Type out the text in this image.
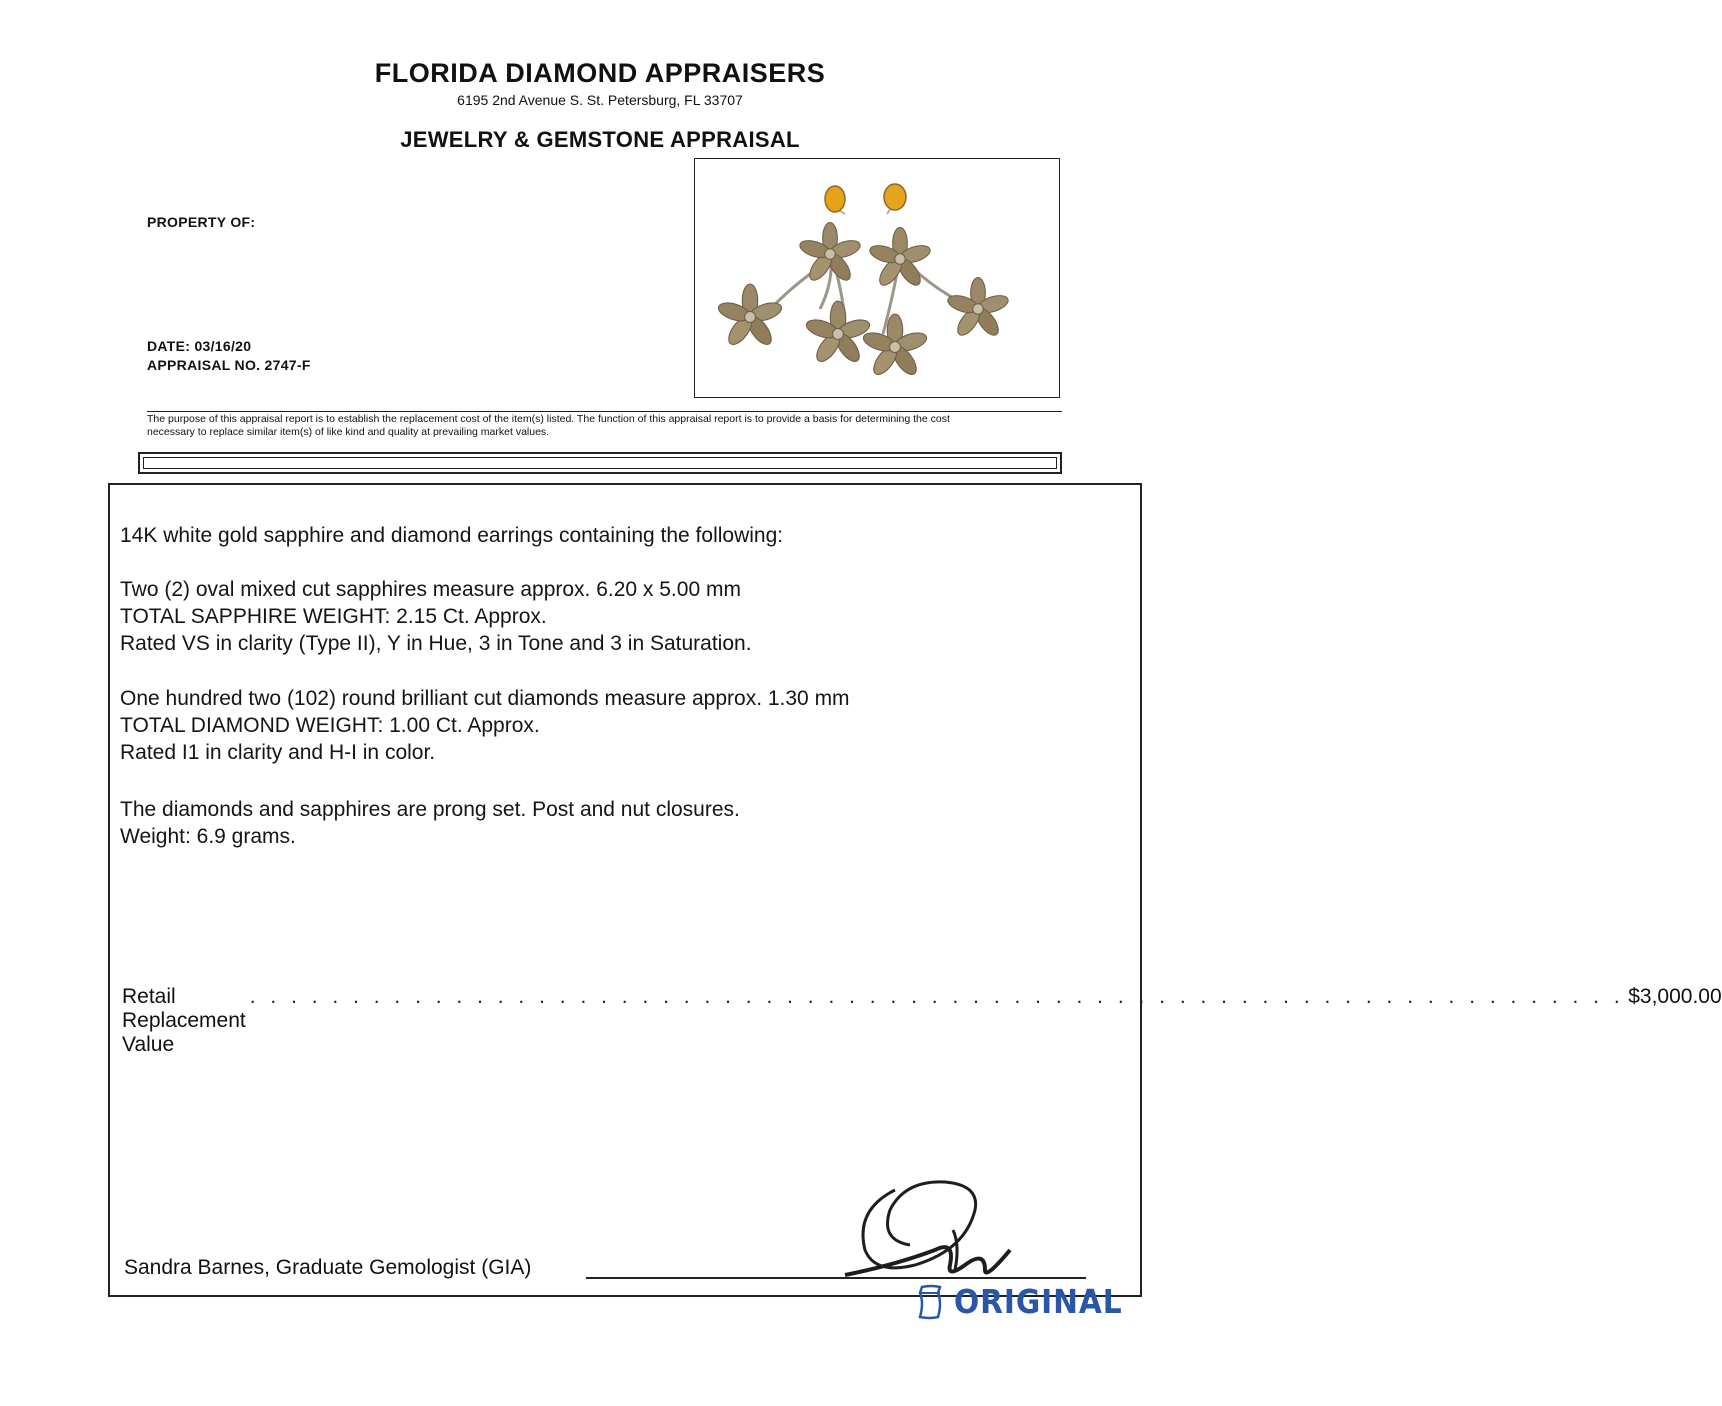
FLORIDA DIAMOND APPRAISERS
6195 2nd Avenue S. St. Petersburg, FL 33707
JEWELRY & GEMSTONE APPRAISAL
PROPERTY OF:
DATE: 03/16/20
APPRAISAL NO. 2747-F
The purpose of this appraisal report is to establish the replacement cost of the item(s) listed. The function of this appraisal report is to provide a basis for determining the cost
necessary to replace similar item(s) of like kind and quality at prevailing market values.
14K white gold sapphire and diamond earrings containing the following:
Two (2) oval mixed cut sapphires measure approx. 6.20 x 5.00 mm
TOTAL SAPPHIRE WEIGHT: 2.15 Ct. Approx.
Rated VS in clarity (Type II), Y in Hue, 3 in Tone and 3 in Saturation.
One hundred two (102) round brilliant cut diamonds measure approx. 1.30 mm
TOTAL DIAMOND WEIGHT: 1.00 Ct. Approx.
Rated I1 in clarity and H-I in color.
The diamonds and sapphires are prong set. Post and nut closures.
Weight: 6.9 grams.
Retail Replacement Value
. . . . . . . . . . . . . . . . . . . . . . . . . . . . . . . . . . . . . . . . . . . . . . . . . . . . . . . . . . . . . . . . . . . $3,000.00
Sandra Barnes, Graduate Gemologist (GIA)
ORIGINAL
